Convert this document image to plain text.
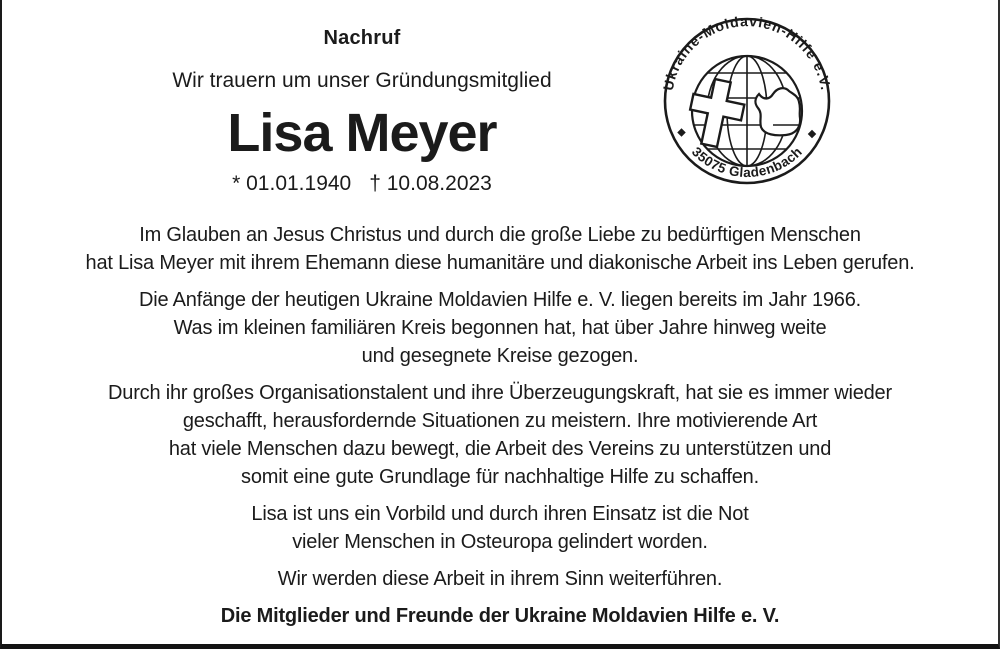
Nachruf
Wir trauern um unser Gründungsmitglied
Lisa Meyer
* 01.01.1940 † 10.08.2023
Ukraine-Moldavien-Hilfe e.V.
35075 Gladenbach

Im Glauben an Jesus Christus und durch die große Liebe zu bedürftigen Menschen
hat Lisa Meyer mit ihrem Ehemann diese humanitäre und diakonische Arbeit ins Leben gerufen.

Die Anfänge der heutigen Ukraine Moldavien Hilfe e. V. liegen bereits im Jahr 1966.
Was im kleinen familiären Kreis begonnen hat, hat über Jahre hinweg weite
und gesegnete Kreise gezogen.

Durch ihr großes Organisationstalent und ihre Überzeugungskraft, hat sie es immer wieder
geschafft, herausfordernde Situationen zu meistern. Ihre motivierende Art
hat viele Menschen dazu bewegt, die Arbeit des Vereins zu unterstützen und
somit eine gute Grundlage für nachhaltige Hilfe zu schaffen.

Lisa ist uns ein Vorbild und durch ihren Einsatz ist die Not
vieler Menschen in Osteuropa gelindert worden.

Wir werden diese Arbeit in ihrem Sinn weiterführen.

Die Mitglieder und Freunde der Ukraine Moldavien Hilfe e. V.
